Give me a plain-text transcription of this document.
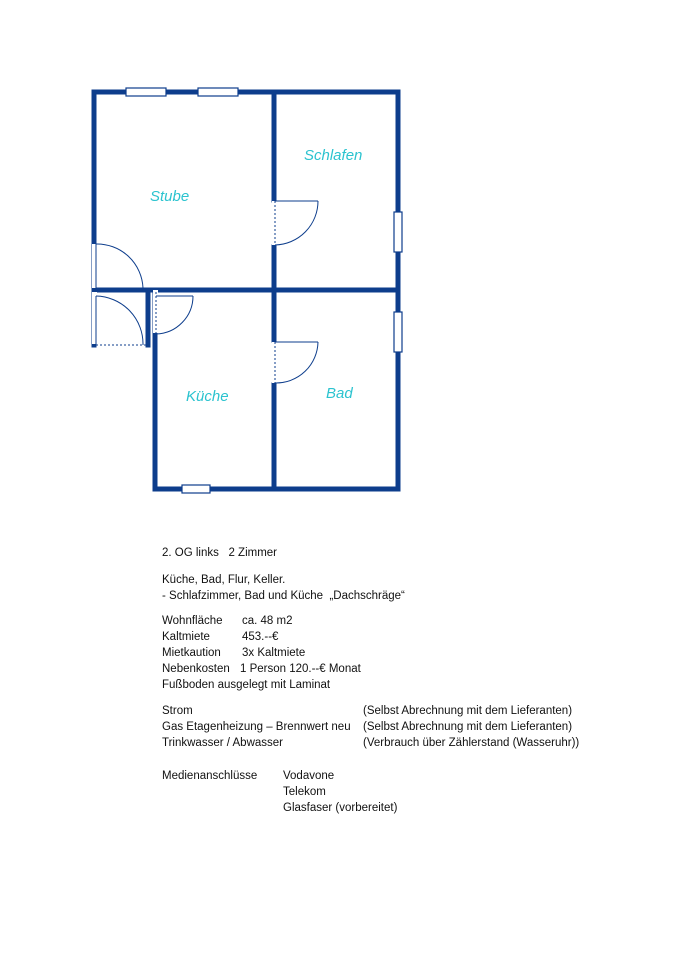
Stube
Schlafen
Küche	Bad
2. OG links   2 Zimmer
Küche, Bad, Flur, Keller.
- Schlafzimmer, Bad und Küche  „Dachschräge“
Wohnfläche ca. 48 m2
Kaltmiete	453.--€
Mietkaution 3x Kaltmiete
Nebenkosten 1 Person 120.--€ Monat
Fußboden ausgelegt mit Laminat
Strom	(Selbst Abrechnung mit dem Lieferanten)
Gas Etagenheizung – Brennwert neu (Selbst Abrechnung mit dem Lieferanten)
Trinkwasser / Abwasser	(Verbrauch über Zählerstand (Wasseruhr))
Medienanschlüsse Vodavone
Telekom
Glasfaser (vorbereitet)
